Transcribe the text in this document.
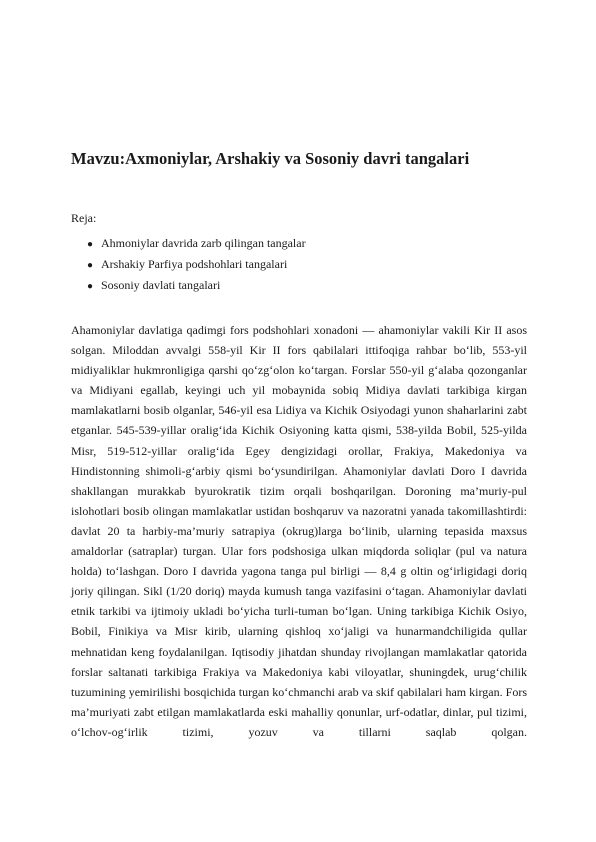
Mavzu:Axmoniylar, Arshakiy va Sosoniy davri tangalari

Reja:

● Ahmoniylar davrida zarb qilingan tangalar
● Arshakiy Parfiya podshohlari tangalari
● Sosoniy davlati tangalari

Ahamoniylar davlatiga qadimgi fors podshohlari xonadoni — ahamoniylar vakili Kir II asos solgan. Miloddan avvalgi 558-yil Kir II fors qabilalari ittifoqiga rahbar bo‘lib, 553-yil midiyaliklar hukmronligiga qarshi qo‘zg‘olon ko‘targan. Forslar 550-yil g‘alaba qozonganlar va Midiyani egallab, keyingi uch yil mobaynida sobiq Midiya davlati tarkibiga kirgan mamlakatlarni bosib olganlar, 546-yil esa Lidiya va Kichik Osiyodagi yunon shaharlarini zabt etganlar. 545-539-yillar oralig‘ida Kichik Osiyoning katta qismi, 538-yilda Bobil, 525-yilda Misr, 519-512-yillar oralig‘ida Egey dengizidagi orollar, Frakiya, Makedoniya va Hindistonning shimoli-g‘arbiy qismi bo‘ysundirilgan. Ahamoniylar davlati Doro I davrida shakllangan murakkab byurokratik tizim orqali boshqarilgan. Doroning ma’muriy-pul islohotlari bosib olingan mamlakatlar ustidan boshqaruv va nazoratni yanada takomillashtirdi: davlat 20 ta harbiy-ma’muriy satrapiya (okrug)larga bo‘linib, ularning tepasida maxsus amaldorlar (satraplar) turgan. Ular fors podshosiga ulkan miqdorda soliqlar (pul va natura holda) to‘lashgan. Doro I davrida yagona tanga pul birligi — 8,4 g oltin og‘irligidagi doriq joriy qilingan. Sikl (1/20 doriq) mayda kumush tanga vazifasini o‘tagan. Ahamoniylar davlati etnik tarkibi va ijtimoiy ukladi bo‘yicha turli-tuman bo‘lgan. Uning tarkibiga Kichik Osiyo, Bobil, Finikiya va Misr kirib, ularning qishloq xo‘jaligi va hunarmandchiligida qullar mehnatidan keng foydalanilgan. Iqtisodiy jihatdan shunday rivojlangan mamlakatlar qatorida forslar saltanati tarkibiga Frakiya va Makedoniya kabi viloyatlar, shuningdek, urug‘chilik tuzumining yemirilishi bosqichida turgan ko‘chmanchi arab va skif qabilalari ham kirgan. Fors ma’muriyati zabt etilgan mamlakatlarda eski mahalliy qonunlar, urf-odatlar, dinlar, pul tizimi, o‘lchov-og‘irlik tizimi, yozuv va tillarni saqlab qolgan.
